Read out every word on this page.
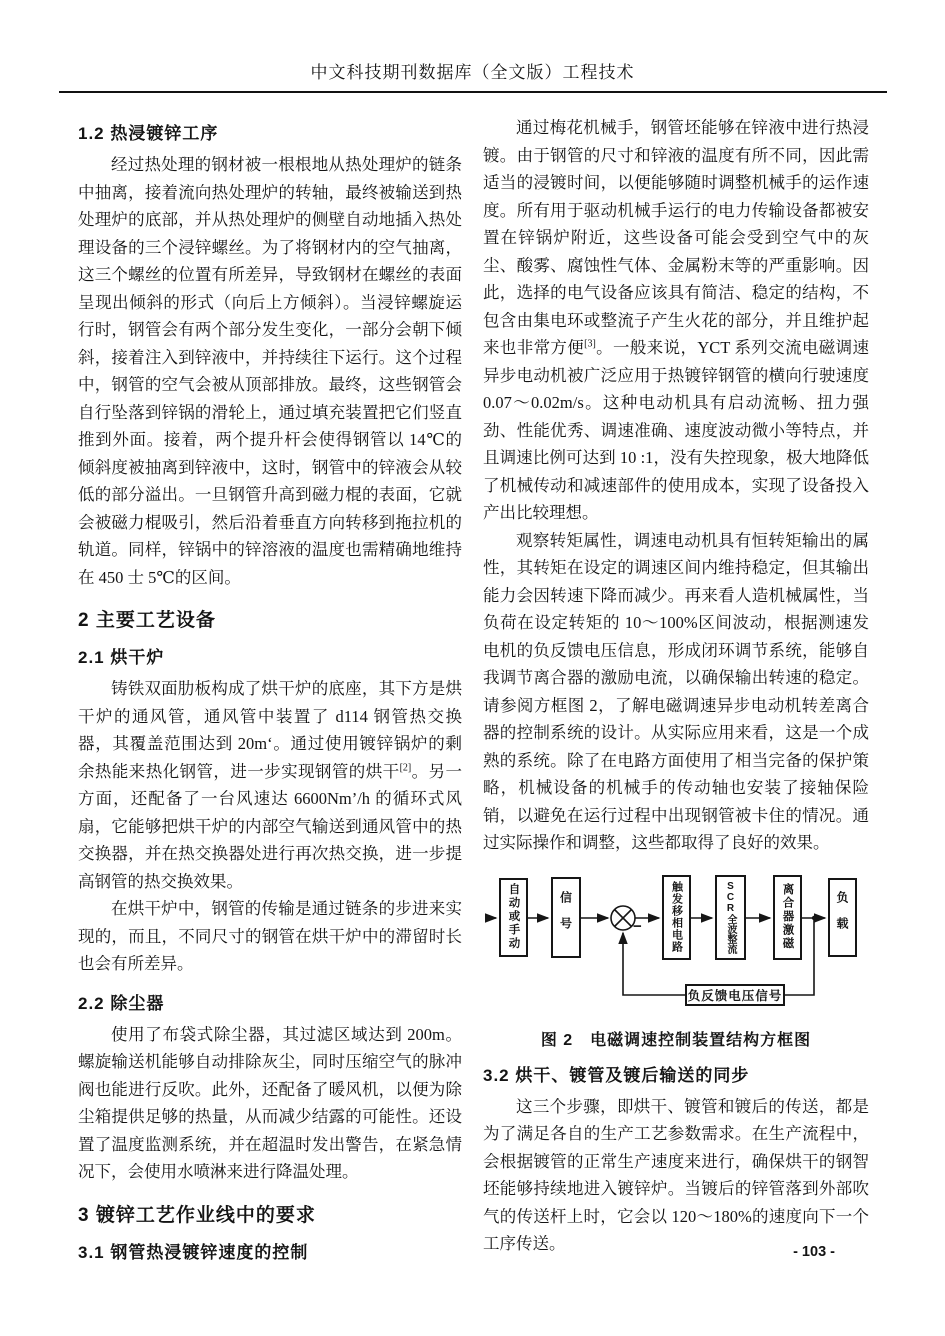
中文科技期刊数据库（全文版）工程技术
1.2 热浸镀锌工序

经过热处理的钢材被一根根地从热处理炉的链条中抽离，接着流向热处理炉的转轴，最终被输送到热处理炉的底部，并从热处理炉的侧壁自动地插入热处理设备的三个浸锌螺丝。为了将钢材内的空气抽离，这三个螺丝的位置有所差异，导致钢材在螺丝的表面呈现出倾斜的形式（向后上方倾斜）。当浸锌螺旋运行时，钢管会有两个部分发生变化，一部分会朝下倾斜，接着注入到锌液中，并持续往下运行。这个过程中，钢管的空气会被从顶部排放。最终，这些钢管会自行坠落到锌锅的滑轮上，通过填充装置把它们竖直推到外面。接着，两个提升杆会使得钢管以 14℃的倾斜度被抽离到锌液中，这时，钢管中的锌液会从较低的部分溢出。一旦钢管升高到磁力棍的表面，它就会被磁力棍吸引，然后沿着垂直方向转移到拖拉机的轨道。同样，锌锅中的锌溶液的温度也需精确地维持在 450 士 5℃的区间。

2 主要工艺设备
2.1 烘干炉

铸铁双面肋板构成了烘干炉的底座，其下方是烘干炉的通风管，通风管中装置了 d114 钢管热交换器，其覆盖范围达到 20m‘。通过使用镀锌锅炉的剩余热能来热化钢管，进一步实现钢管的烘干[2]。另一方面，还配备了一台风速达 6600Nm’/h 的循环式风扇，它能够把烘干炉的内部空气输送到通风管中的热交换器，并在热交换器处进行再次热交换，进一步提高钢管的热交换效果。

在烘干炉中，钢管的传输是通过链条的步进来实现的，而且，不同尺寸的钢管在烘干炉中的滞留时长也会有所差异。

2.2 除尘器

使用了布袋式除尘器，其过滤区域达到 200m。螺旋输送机能够自动排除灰尘，同时压缩空气的脉冲阀也能进行反吹。此外，还配备了暖风机，以便为除尘箱提供足够的热量，从而减少结露的可能性。还设置了温度监测系统，并在超温时发出警告，在紧急情况下，会使用水喷淋来进行降温处理。

3 镀锌工艺作业线中的要求
3.1 钢管热浸镀锌速度的控制

通过梅花机械手，钢管坯能够在锌液中进行热浸镀。由于钢管的尺寸和锌液的温度有所不同，因此需适当的浸镀时间，以便能够随时调整机械手的运作速度。所有用于驱动机械手运行的电力传输设备都被安置在锌锅炉附近，这些设备可能会受到空气中的灰尘、酸雾、腐蚀性气体、金属粉末等的严重影响。因此，选择的电气设备应该具有简洁、稳定的结构，不包含由集电环或整流子产生火花的部分，并且维护起来也非常方便[3]。一般来说，YCT 系列交流电磁调速异步电动机被广泛应用于热镀锌钢管的横向行驶速度 0.07～0.02m/s。这种电动机具有启动流畅、扭力强劲、性能优秀、调速准确、速度波动微小等特点，并且调速比例可达到 10 :1，没有失控现象，极大地降低了机械传动和减速部件的使用成本，实现了设备投入产出比较理想。

观察转矩属性，调速电动机具有恒转矩输出的属性，其转矩在设定的调速区间内维持稳定，但其输出能力会因转速下降而减少。再来看人造机械属性，当负荷在设定转矩的 10～100%区间波动，根据测速发电机的负反馈电压信息，形成闭环调节系统，能够自我调节离合器的激励电流，以确保输出转速的稳定。请参阅方框图 2，了解电磁调速异步电动机转差离合器的控制系统的设计。从实际应用来看，这是一个成熟的系统。除了在电路方面使用了相当完备的保护策略，机械设备的机械手的传动轴也安装了接轴保险销，以避免在运行过程中出现钢管被卡住的情况。通过实际操作和调整，这些都取得了良好的效果。

自动或手动	信号	触发移相电路	SCR全波整流	离合器激磁	负载
负反馈电压信号
−
图 2　电磁调速控制装置结构方框图
3.2 烘干、镀管及镀后输送的同步

这三个步骤，即烘干、镀管和镀后的传送，都是为了满足各自的生产工艺参数需求。在生产流程中，会根据镀管的正常生产速度来进行，确保烘干的钢智坯能够持续地进入镀锌炉。当镀后的锌管落到外部吹气的传送杆上时，它会以 120～180%的速度向下一个工序传送。	- 103 -
